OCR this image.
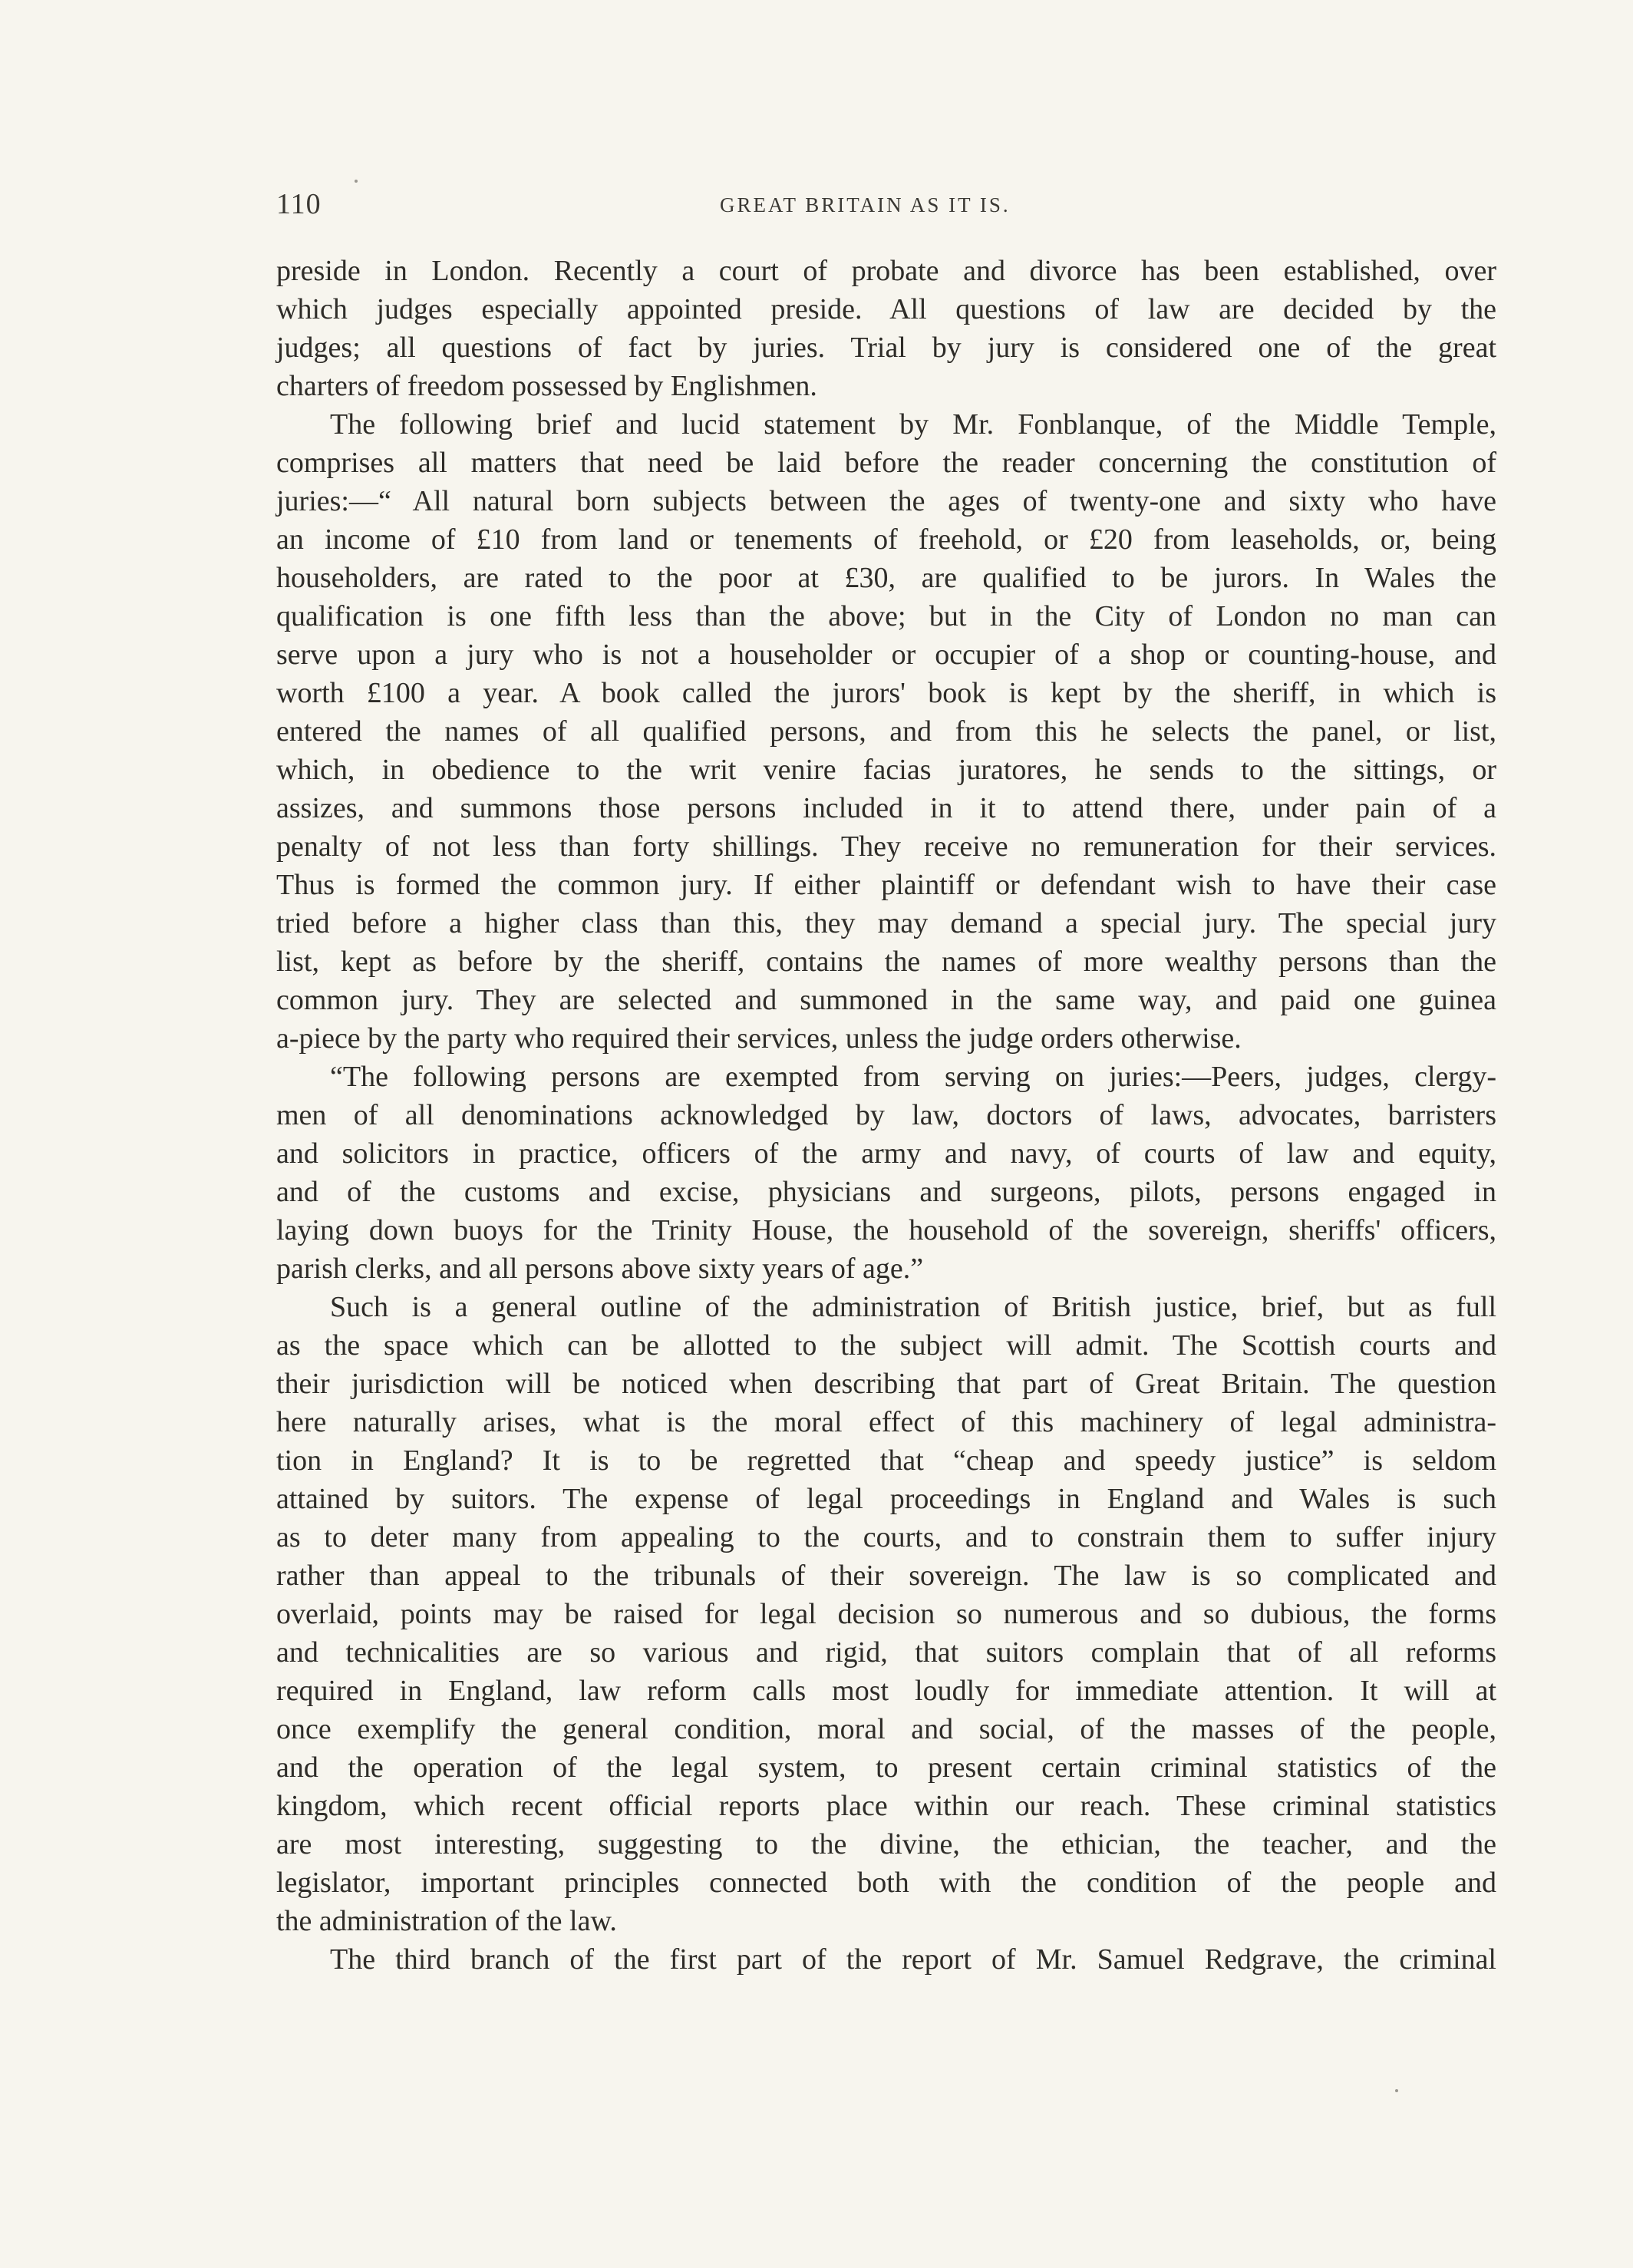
110	GREAT BRITAIN AS IT IS.
preside in London. Recently a court of probate and divorce has been established, over
which judges especially appointed preside. All questions of law are decided by the
judges; all questions of fact by juries. Trial by jury is considered one of the great
charters of freedom possessed by Englishmen.
The following brief and lucid statement by Mr. Fonblanque, of the Middle Temple,
comprises all matters that need be laid before the reader concerning the constitution of
juries:—“ All natural born subjects between the ages of twenty-one and sixty who have
an income of £10 from land or tenements of freehold, or £20 from leaseholds, or, being
householders, are rated to the poor at £30, are qualified to be jurors. In Wales the
qualification is one fifth less than the above; but in the City of London no man can
serve upon a jury who is not a householder or occupier of a shop or counting-house, and
worth £100 a year. A book called the jurors' book is kept by the sheriff, in which is
entered the names of all qualified persons, and from this he selects the panel, or list,
which, in obedience to the writ venire facias juratores, he sends to the sittings, or
assizes, and summons those persons included in it to attend there, under pain of a
penalty of not less than forty shillings. They receive no remuneration for their services.
Thus is formed the common jury. If either plaintiff or defendant wish to have their case
tried before a higher class than this, they may demand a special jury. The special jury
list, kept as before by the sheriff, contains the names of more wealthy persons than the
common jury. They are selected and summoned in the same way, and paid one guinea
a-piece by the party who required their services, unless the judge orders otherwise.
“The following persons are exempted from serving on juries:—Peers, judges, clergy-
men of all denominations acknowledged by law, doctors of laws, advocates, barristers
and solicitors in practice, officers of the army and navy, of courts of law and equity,
and of the customs and excise, physicians and surgeons, pilots, persons engaged in
laying down buoys for the Trinity House, the household of the sovereign, sheriffs' officers,
parish clerks, and all persons above sixty years of age.”
Such is a general outline of the administration of British justice, brief, but as full
as the space which can be allotted to the subject will admit. The Scottish courts and
their jurisdiction will be noticed when describing that part of Great Britain. The question
here naturally arises, what is the moral effect of this machinery of legal administra-
tion in England? It is to be regretted that “cheap and speedy justice” is seldom
attained by suitors. The expense of legal proceedings in England and Wales is such
as to deter many from appealing to the courts, and to constrain them to suffer injury
rather than appeal to the tribunals of their sovereign. The law is so complicated and
overlaid, points may be raised for legal decision so numerous and so dubious, the forms
and technicalities are so various and rigid, that suitors complain that of all reforms
required in England, law reform calls most loudly for immediate attention. It will at
once exemplify the general condition, moral and social, of the masses of the people,
and the operation of the legal system, to present certain criminal statistics of the
kingdom, which recent official reports place within our reach. These criminal statistics
are most interesting, suggesting to the divine, the ethician, the teacher, and the
legislator, important principles connected both with the condition of the people and
the administration of the law.
The third branch of the first part of the report of Mr. Samuel Redgrave, the criminal
